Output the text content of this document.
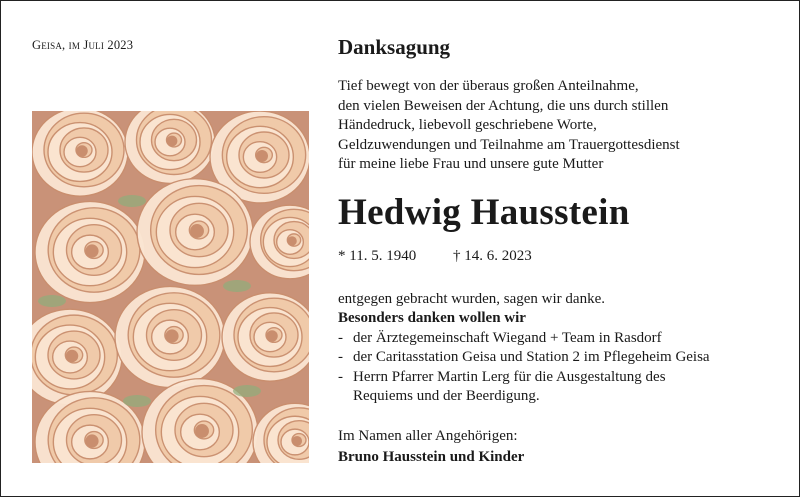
Geisa, im Juli 2023	Danksagung
Tief bewegt von der überaus großen Anteilnahme,
den vielen Beweisen der Achtung, die uns durch stillen
Händedruck, liebevoll geschriebene Worte,
Geldzuwendungen und Teilnahme am Trauergottesdienst
für meine liebe Frau und unsere gute Mutter
Hedwig Hausstein
* 11. 5. 1940	† 14. 6. 2023
entgegen gebracht wurden, sagen wir danke.
Besonders danken wollen wir
- der Ärztegemeinschaft Wiegand + Team in Rasdorf
- der Caritasstation Geisa und Station 2 im Pflegeheim Geisa
- Herrn Pfarrer Martin Lerg für die Ausgestaltung des
Requiems und der Beerdigung.
Im Namen aller Angehörigen:
Bruno Hausstein und Kinder
